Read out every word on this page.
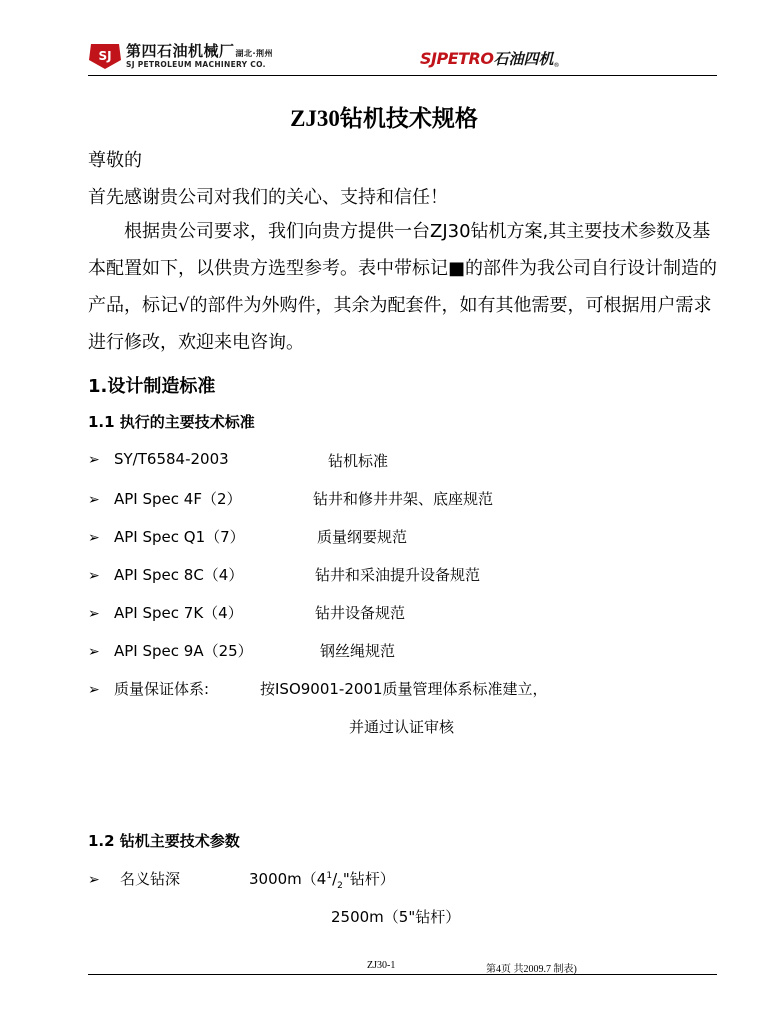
SJ 第四石油机械厂湖北·荆州
SJ PETROLEUM MACHINERY CO.	SJPETRO石油四机®
ZJ30钻机技术规格
尊敬的
首先感谢贵公司对我们的关心、支持和信任！
　　根据贵公司要求，我们向贵方提供一台ZJ30钻机方案,其主要技术参数及基本配置如下，以供贵方选型参考。表中带标记■的部件为我公司自行设计制造的产品，标记√的部件为外购件，其余为配套件，如有其他需要，可根据用户需求进行修改，欢迎来电咨询。
1.设计制造标准
1.1 执行的主要技术标准
➢ SY/T6584-2003	钻机标准
➢ API Spec 4F（2）	钻井和修井井架、底座规范
➢ API Spec Q1（7）	质量纲要规范
➢ API Spec 8C（4）	钻井和采油提升设备规范
➢ API Spec 7K（4）	钻井设备规范
➢ API Spec 9A（25）	钢丝绳规范
➢ 质量保证体系:	按ISO9001-2001质量管理体系标准建立，
并通过认证审核
1.2 钻机主要技术参数
➢ 名义钻深	$3000m(4^1/_2$"钻杆）
2500m（5"钻杆）
ZJ30-1	第4页 共2009.7 制表)
